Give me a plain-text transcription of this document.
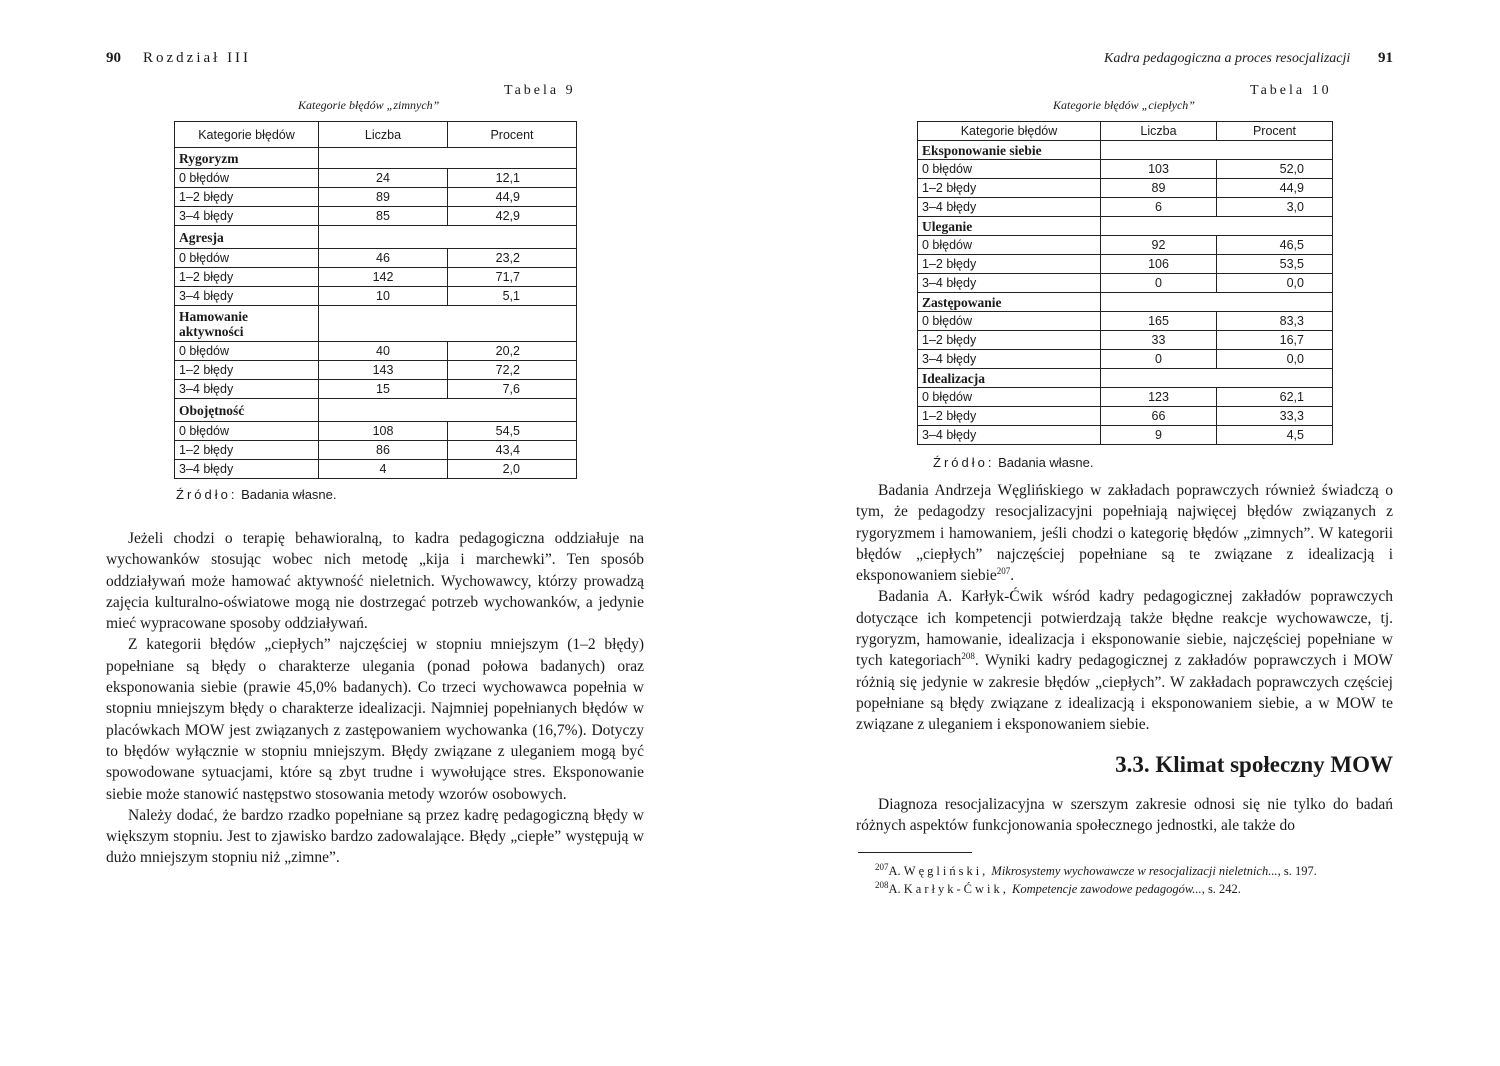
90 Rozdział III
Tabela 9
Kategorie błędów „zimnych”
Kategorie błędów	Liczba	Procent
Rygoryzm		
0 błędów	24	12,1
1–2 błędy	89	44,9
3–4 błędy	85	42,9
Agresja		
0 błędów	46	23,2
1–2 błędy	142	71,7
3–4 błędy	10	5,1
Hamowanie
aktywności		
0 błędów	40	20,2
1–2 błędy	143	72,2
3–4 błędy	15	7,6
Obojętność		
0 błędów	108	54,5
1–2 błędy	86	43,4
3–4 błędy	4	2,0
Źródło: Badania własne.

Jeżeli chodzi o terapię behawioralną, to kadra pedagogiczna oddziałuje na wychowanków stosując wobec nich metodę „kija i marchewki”. Ten sposób oddziaływań może hamować aktywność nieletnich. Wychowawcy, którzy prowadzą zajęcia kulturalno-oświatowe mogą nie dostrzegać potrzeb wychowanków, a jedynie mieć wypracowane sposoby oddziaływań.

Z kategorii błędów „ciepłych” najczęściej w stopniu mniejszym (1–2 błędy) popełniane są błędy o charakterze ulegania (ponad połowa badanych) oraz eksponowania siebie (prawie 45,0% badanych). Co trzeci wychowawca popełnia w stopniu mniejszym błędy o charakterze idealizacji. Najmniej popełnianych błędów w placówkach MOW jest związanych z zastępowaniem wychowanka (16,7%). Dotyczy to błędów wyłącznie w stopniu mniejszym. Błędy związane z uleganiem mogą być spowodowane sytuacjami, które są zbyt trudne i wywołujące stres. Eksponowanie siebie może stanowić następstwo stosowania metody wzorów osobowych.

Należy dodać, że bardzo rzadko popełniane są przez kadrę pedagogiczną błędy w większym stopniu. Jest to zjawisko bardzo zadowalające. Błędy „ciepłe” występują w dużo mniejszym stopniu niż „zimne”.

Kadra pedagogiczna a proces resocjalizacji 91
Tabela 10
Kategorie błędów „ciepłych”
Kategorie błędów	Liczba	Procent
Eksponowanie siebie		
0 błędów	103	52,0
1–2 błędy	89	44,9
3–4 błędy	6	3,0
Uleganie		
0 błędów	92	46,5
1–2 błędy	106	53,5
3–4 błędy	0	0,0
Zastępowanie		
0 błędów	165	83,3
1–2 błędy	33	16,7
3–4 błędy	0	0,0
Idealizacja		
0 błędów	123	62,1
1–2 błędy	66	33,3
3–4 błędy	9	4,5
Źródło: Badania własne.

Badania Andrzeja Węglińskiego w zakładach poprawczych również świadczą o tym, że pedagodzy resocjalizacyjni popełniają najwięcej błędów związanych z rygoryzmem i hamowaniem, jeśli chodzi o kategorię błędów „zimnych”. W kategorii błędów „ciepłych” najczęściej popełniane są te związane z idealizacją i eksponowaniem siebie$^{207}$.

Badania A. Karłyk-Ćwik wśród kadry pedagogicznej zakładów poprawczych dotyczące ich kompetencji potwierdzają także błędne reakcje wychowawcze, tj. rygoryzm, hamowanie, idealizacja i eksponowanie siebie, najczęściej popełniane w tych kategoriach$^{208}$. Wyniki kadry pedagogicznej z zakładów poprawczych i MOW różnią się jedynie w zakresie błędów „ciepłych”. W zakładach poprawczych częściej popełniane są błędy związane z idealizacją i eksponowaniem siebie, a w MOW te związane z uleganiem i eksponowaniem siebie.

3.3. Klimat społeczny MOW

Diagnoza resocjalizacyjna w szerszym zakresie odnosi się nie tylko do badań różnych aspektów funkcjonowania społecznego jednostki, ale także do

$^{207}$A. Węgliński, Mikrosystemy wychowawcze w resocjalizacji nieletnich..., s. 197.
$^{208}$A. Karłyk-Ćwik, Kompetencje zawodowe pedagogów..., s. 242.
